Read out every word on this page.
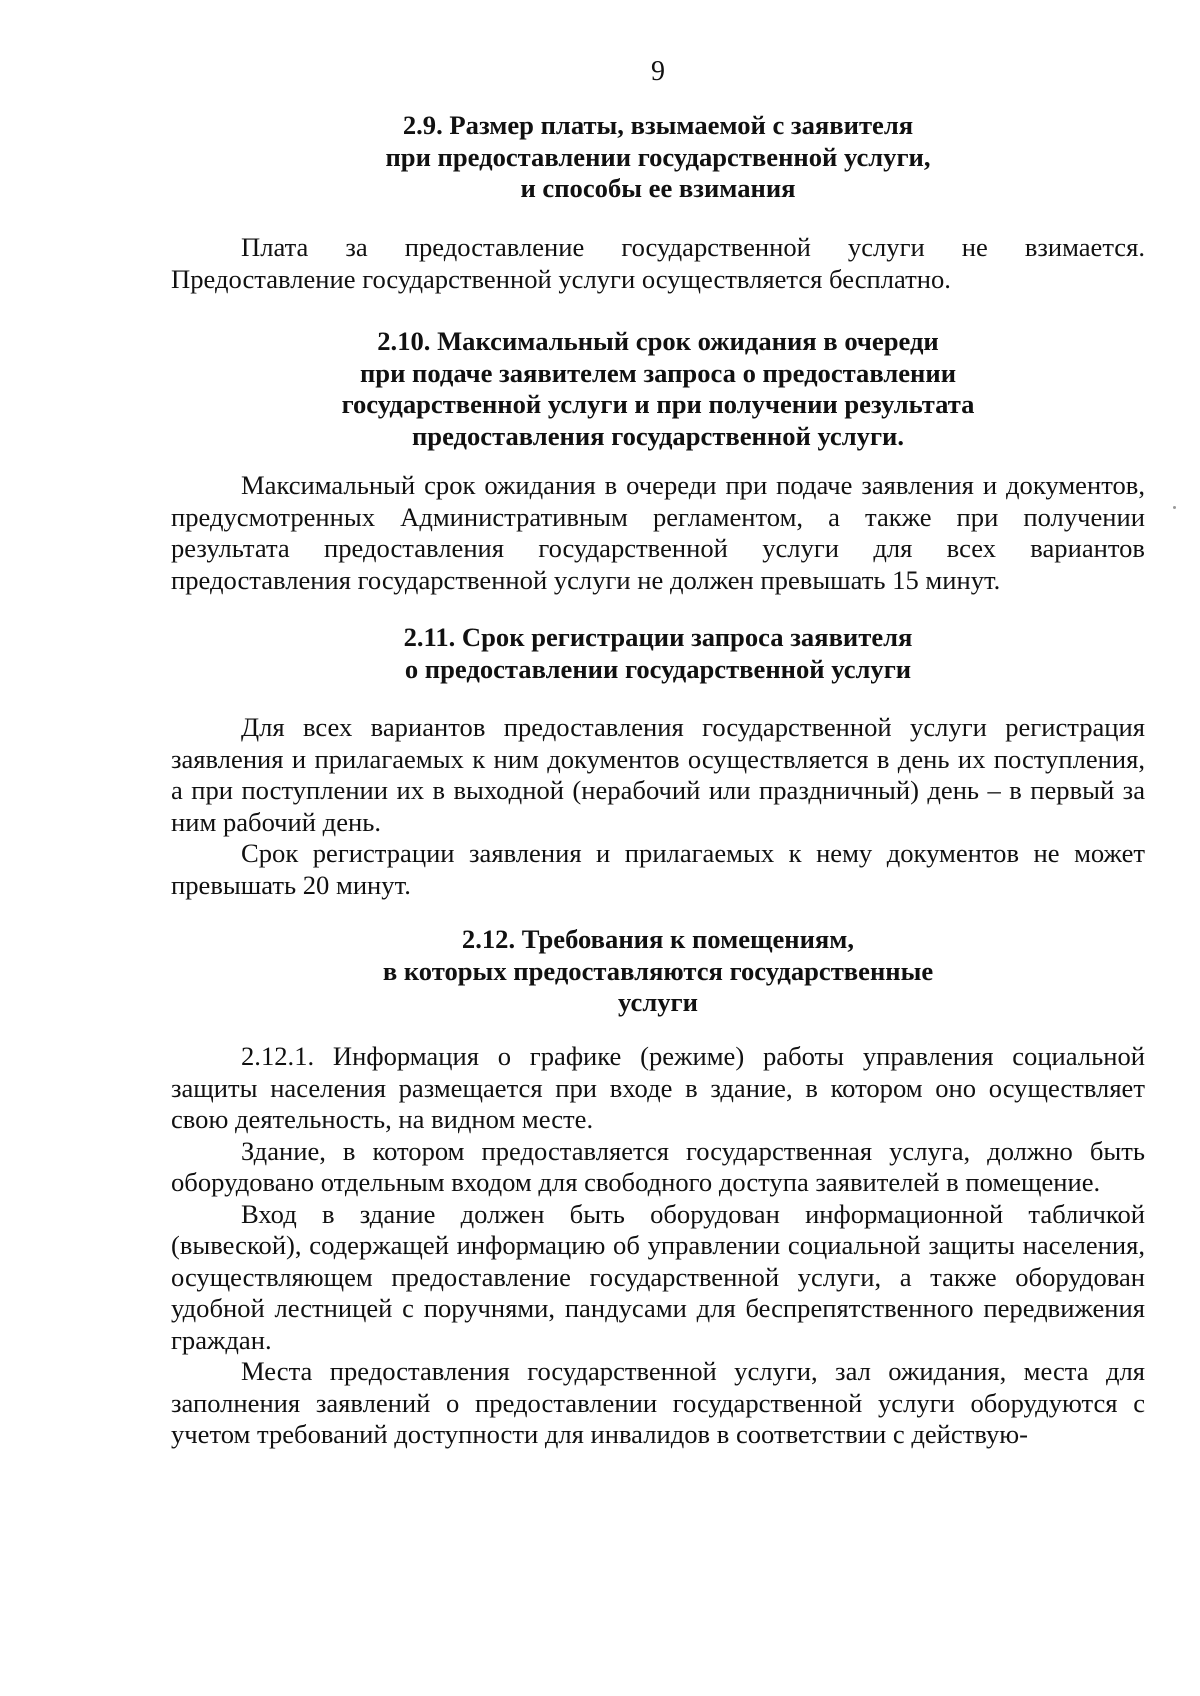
9
2.9. Размер платы, взымаемой с заявителя
при предоставлении государственной услуги,
и способы ее взимания

Плата за предоставление государственной услуги не взимается. Предоставление государственной услуги осуществляется бесплатно.

2.10. Максимальный срок ожидания в очереди
при подаче заявителем запроса о предоставлении
государственной услуги и при получении результата
предоставления государственной услуги.

Максимальный срок ожидания в очереди при подаче заявления и документов, предусмотренных Административным регламентом, а также при получении результата предоставления государственной услуги для всех вариантов предоставления государственной услуги не должен превышать 15 минут.

2.11. Срок регистрации запроса заявителя
о предоставлении государственной услуги

Для всех вариантов предоставления государственной услуги регистрация заявления и прилагаемых к ним документов осуществляется в день их поступления, а при поступлении их в выходной (нерабочий или праздничный) день – в первый за ним рабочий день.

Срок регистрации заявления и прилагаемых к нему документов не может превышать 20 минут.

2.12. Требования к помещениям,
в которых предоставляются государственные
услуги

2.12.1. Информация о графике (режиме) работы управления социальной защиты населения размещается при входе в здание, в котором оно осуществляет свою деятельность, на видном месте.

Здание, в котором предоставляется государственная услуга, должно быть оборудовано отдельным входом для свободного доступа заявителей в помещение.

Вход в здание должен быть оборудован информационной табличкой (вывеской), содержащей информацию об управлении социальной защиты населения, осуществляющем предоставление государственной услуги, а также оборудован удобной лестницей с поручнями, пандусами для беспрепятственного передвижения граждан.

Места предоставления государственной услуги, зал ожидания, места для заполнения заявлений о предоставлении государственной услуги оборудуются с учетом требований доступности для инвалидов в соответствии с действую-
